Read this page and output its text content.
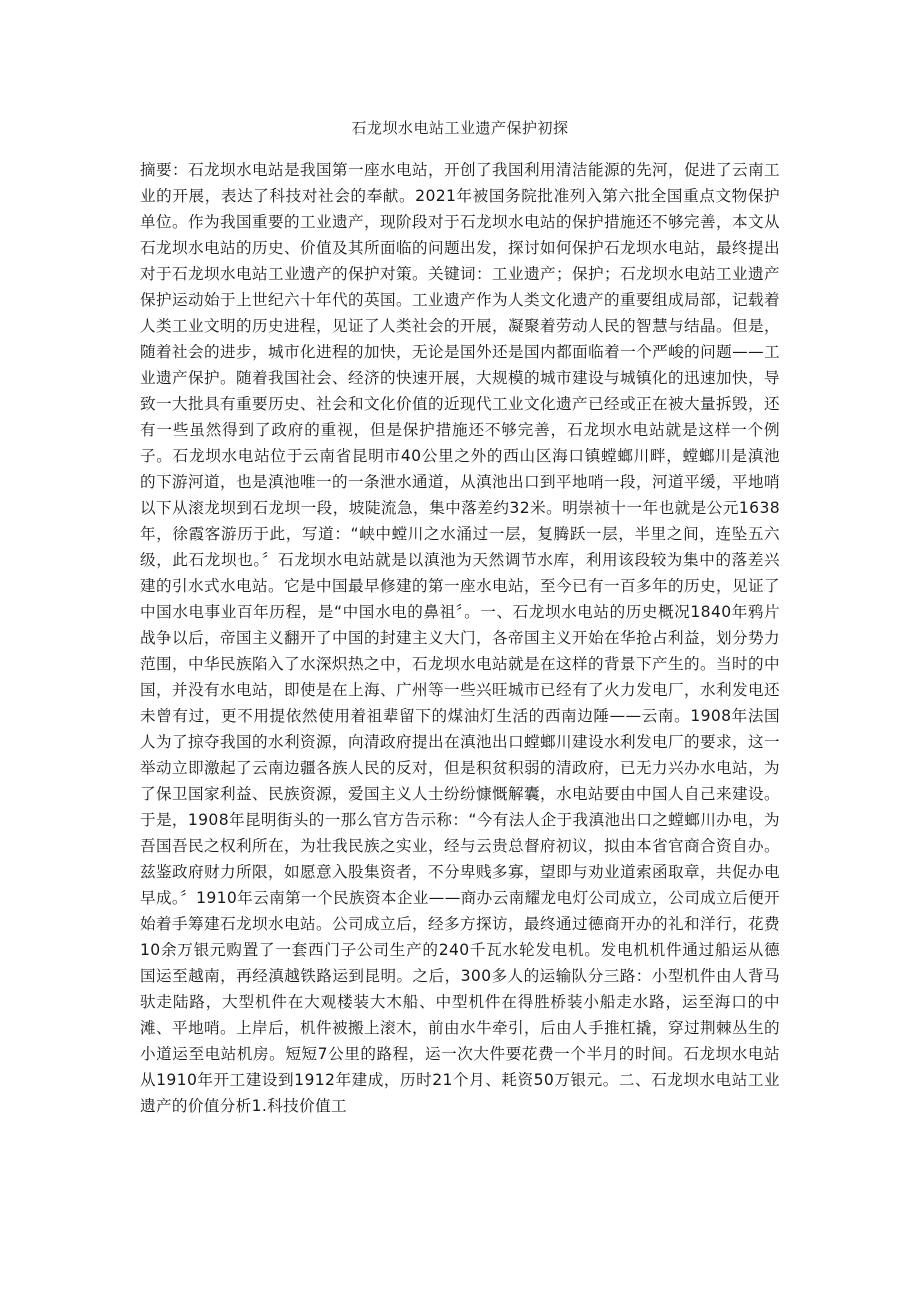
石龙坝水电站工业遗产保护初探

摘要：石龙坝水电站是我国第一座水电站，开创了我国利用清洁能源的先河，促进了云南工业的开展，表达了科技对社会的奉献。2021年被国务院批准列入第六批全国重点文物保护单位。作为我国重要的工业遗产，现阶段对于石龙坝水电站的保护措施还不够完善，本文从石龙坝水电站的历史、价值及其所面临的问题出发，探讨如何保护石龙坝水电站，最终提出对于石龙坝水电站工业遗产的保护对策。关键词：工业遗产；保护；石龙坝水电站工业遗产保护运动始于上世纪六十年代的英国。工业遗产作为人类文化遗产的重要组成局部，记载着人类工业文明的历史进程，见证了人类社会的开展，凝聚着劳动人民的智慧与结晶。但是，随着社会的进步，城市化进程的加快，无论是国外还是国内都面临着一个严峻的问题——工业遗产保护。随着我国社会、经济的快速开展，大规模的城市建设与城镇化的迅速加快，导致一大批具有重要历史、社会和文化价值的近现代工业文化遗产已经或正在被大量拆毁，还有一些虽然得到了政府的重视，但是保护措施还不够完善，石龙坝水电站就是这样一个例子。石龙坝水电站位于云南省昆明市40公里之外的西山区海口镇螳螂川畔，螳螂川是滇池的下游河道，也是滇池唯一的一条泄水通道，从滇池出口到平地哨一段，河道平缓，平地哨以下从滚龙坝到石龙坝一段，坡陡流急，集中落差约32米。明崇祯十一年也就是公元1638年，徐霞客游历于此，写道：“峡中螳川之水涌过一层，复腾跃一层，半里之间，连坠五六级，此石龙坝也。〞石龙坝水电站就是以滇池为天然调节水库，利用该段较为集中的落差兴建的引水式水电站。它是中国最早修建的第一座水电站，至今已有一百多年的历史，见证了中国水电事业百年历程，是“中国水电的鼻祖〞。一、石龙坝水电站的历史概况1840年鸦片战争以后，帝国主义翻开了中国的封建主义大门，各帝国主义开始在华抢占利益，划分势力范围，中华民族陷入了水深炽热之中，石龙坝水电站就是在这样的背景下产生的。当时的中国，并没有水电站，即使是在上海、广州等一些兴旺城市已经有了火力发电厂，水利发电还未曾有过，更不用提依然使用着祖辈留下的煤油灯生活的西南边陲——云南。1908年法国人为了掠夺我国的水利资源，向清政府提出在滇池出口螳螂川建设水利发电厂的要求，这一举动立即激起了云南边疆各族人民的反对，但是积贫积弱的清政府，已无力兴办水电站，为了保卫国家利益、民族资源，爱国主义人士纷纷慷慨解囊，水电站要由中国人自己来建设。于是，1908年昆明街头的一那么官方告示称：“今有法人企于我滇池出口之螳螂川办电，为吾国吾民之权利所在，为壮我民族之实业，经与云贵总督府初议，拟由本省官商合资自办。兹鉴政府财力所限，如愿意入股集资者，不分卑贱多寡，望即与劝业道索函取章，共促办电早成。〞1910年云南第一个民族资本企业——商办云南耀龙电灯公司成立，公司成立后便开始着手筹建石龙坝水电站。公司成立后，经多方探访，最终通过德商开办的礼和洋行，花费10余万银元购置了一套西门子公司生产的240千瓦水轮发电机。发电机机件通过船运从德国运至越南，再经滇越铁路运到昆明。之后，300多人的运输队分三路：小型机件由人背马驮走陆路，大型机件在大观楼装大木船、中型机件在得胜桥装小船走水路，运至海口的中滩、平地哨。上岸后，机件被搬上滚木，前由水牛牵引，后由人手推杠撬，穿过荆棘丛生的小道运至电站机房。短短7公里的路程，运一次大件要花费一个半月的时间。石龙坝水电站从1910年开工建设到1912年建成，历时21个月、耗资50万银元。二、石龙坝水电站工业遗产的价值分析1.科技价值工
